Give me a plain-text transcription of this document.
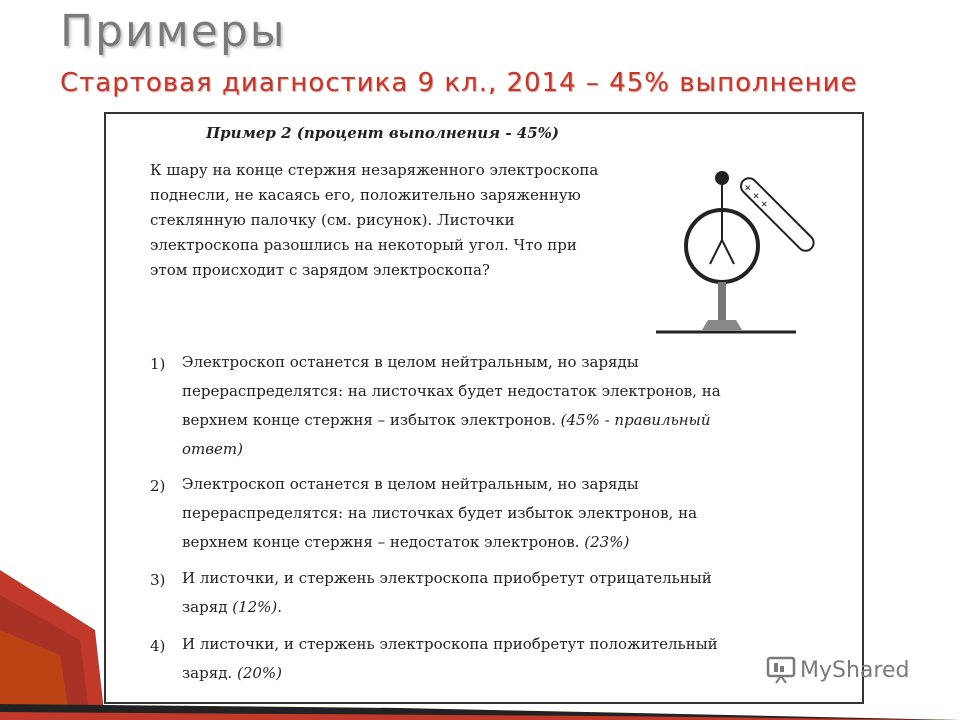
Примеры
Стартовая диагностика 9 кл., 2014 – 45% выполнение
Пример 2 (процент выполнения - 45%)
К шару на конце стержня незаряженного электроскопа поднесли, не касаясь его, положительно заряженную стеклянную палочку (см. рисунок). Листочки электроскопа разошлись на некоторый угол. Что при этом происходит с зарядом электроскопа?
+ + +
1) Электроскоп останется в целом нейтральным, но заряды перераспределятся: на листочках будет недостаток электронов, на верхнем конце стержня – избыток электронов. (45% - правильный ответ)
2) Электроскоп останется в целом нейтральным, но заряды перераспределятся: на листочках будет избыток электронов, на верхнем конце стержня – недостаток электронов. (23%)
3) И листочки, и стержень электроскопа приобретут отрицательный заряд (12%).
4) И листочки, и стержень электроскопа приобретут положительный заряд. (20%)	MyShared
